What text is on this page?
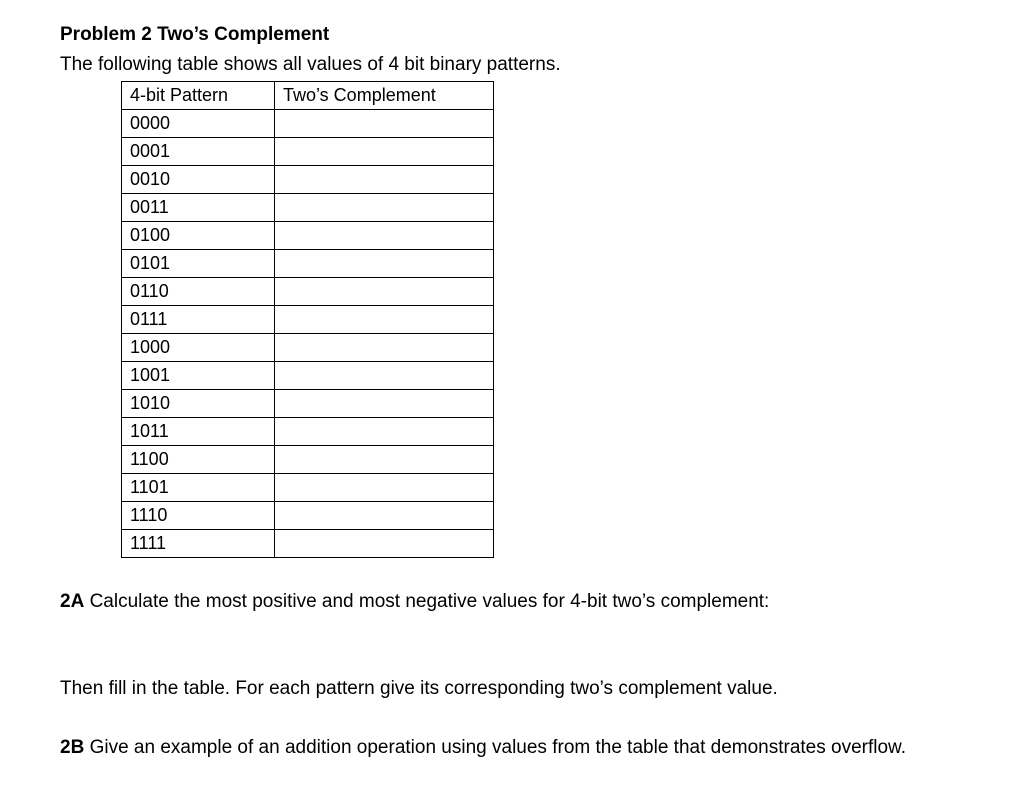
Problem 2 Two’s Complement
The following table shows all values of 4 bit binary patterns.
4-bit Pattern	Two’s Complement
0000	
0001	
0010	
0011	
0100	
0101	
0110	
0111	
1000	
1001	
1010	
1011	
1100	
1101	
1110	
1111	
2A Calculate the most positive and most negative values for 4-bit two’s complement:
Then fill in the table. For each pattern give its corresponding two’s complement value.
2B Give an example of an addition operation using values from the table that demonstrates overflow.
